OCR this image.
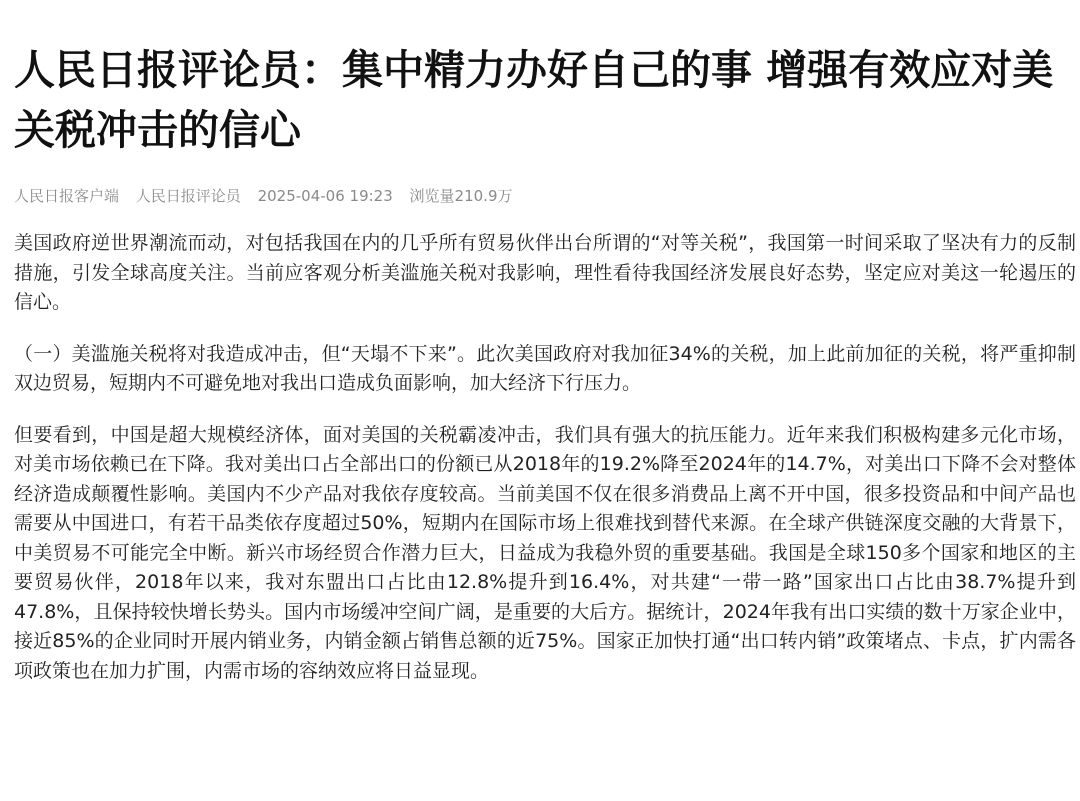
人民日报评论员：集中精力办好自己的事 增强有效应对美关税冲击的信心
人民日报客户端 人民日报评论员 2025-04-06 19:23 浏览量210.9万

美国政府逆世界潮流而动，对包括我国在内的几乎所有贸易伙伴出台所谓的“对等关税”，我国第一时间采取了坚决有力的反制措施，引发全球高度关注。当前应客观分析美滥施关税对我影响，理性看待我国经济发展良好态势，坚定应对美这一轮遏压的信心。

（一）美滥施关税将对我造成冲击，但“天塌不下来”。此次美国政府对我加征34%的关税，加上此前加征的关税，将严重抑制双边贸易，短期内不可避免地对我出口造成负面影响，加大经济下行压力。

但要看到，中国是超大规模经济体，面对美国的关税霸凌冲击，我们具有强大的抗压能力。近年来我们积极构建多元化市场，对美市场依赖已在下降。我对美出口占全部出口的份额已从2018年的19.2%降至2024年的14.7%，对美出口下降不会对整体经济造成颠覆性影响。美国内不少产品对我依存度较高。当前美国不仅在很多消费品上离不开中国，很多投资品和中间产品也需要从中国进口，有若干品类依存度超过50%，短期内在国际市场上很难找到替代来源。在全球产供链深度交融的大背景下，中美贸易不可能完全中断。新兴市场经贸合作潜力巨大，日益成为我稳外贸的重要基础。我国是全球150多个国家和地区的主要贸易伙伴，2018年以来，我对东盟出口占比由12.8%提升到16.4%，对共建“一带一路”国家出口占比由38.7%提升到47.8%，且保持较快增长势头。国内市场缓冲空间广阔，是重要的大后方。据统计，2024年我有出口实绩的数十万家企业中，接近85%的企业同时开展内销业务，内销金额占销售总额的近75%。国家正加快打通“出口转内销”政策堵点、卡点，扩内需各项政策也在加力扩围，内需市场的容纳效应将日益显现。
